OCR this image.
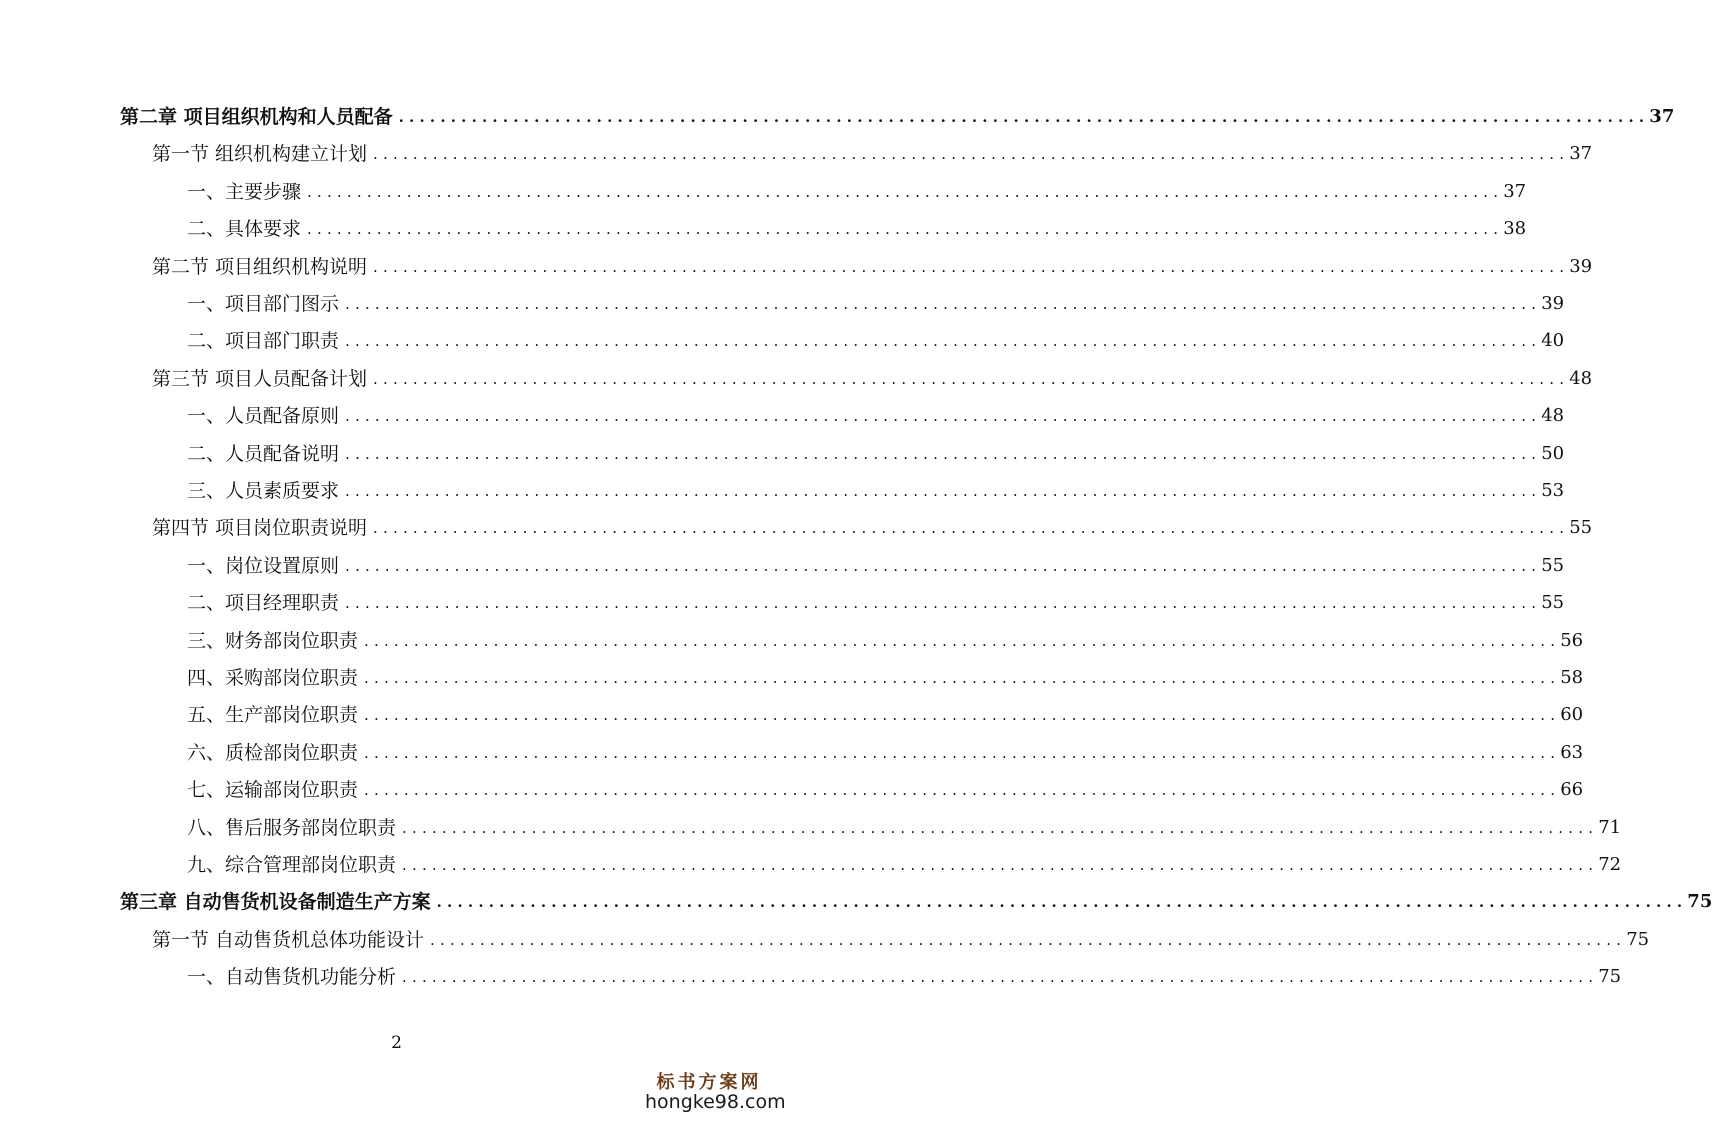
第二章 项目组织机构和人员配备 ........................................................................................................................ 37
第一节 组织机构建立计划 ........................................................................................................................ 37
一、主要步骤 ........................................................................................................................ 37
二、具体要求 ........................................................................................................................ 38
第二节 项目组织机构说明 ........................................................................................................................ 39
一、项目部门图示 ........................................................................................................................ 39
二、项目部门职责 ........................................................................................................................ 40
第三节 项目人员配备计划 ........................................................................................................................ 48
一、人员配备原则 ........................................................................................................................ 48
二、人员配备说明 ........................................................................................................................ 50
三、人员素质要求 ........................................................................................................................ 53
第四节 项目岗位职责说明 ........................................................................................................................ 55
一、岗位设置原则 ........................................................................................................................ 55
二、项目经理职责 ........................................................................................................................ 55
三、财务部岗位职责 ........................................................................................................................ 56
四、采购部岗位职责 ........................................................................................................................ 58
五、生产部岗位职责 ........................................................................................................................ 60
六、质检部岗位职责 ........................................................................................................................ 63
七、运输部岗位职责 ........................................................................................................................ 66
八、售后服务部岗位职责 ........................................................................................................................ 71
九、综合管理部岗位职责 ........................................................................................................................ 72
第三章 自动售货机设备制造生产方案 ........................................................................................................................ 75
第一节 自动售货机总体功能设计 ........................................................................................................................ 75
一、自动售货机功能分析 ........................................................................................................................ 75
2
标书方案网
hongke98.com
